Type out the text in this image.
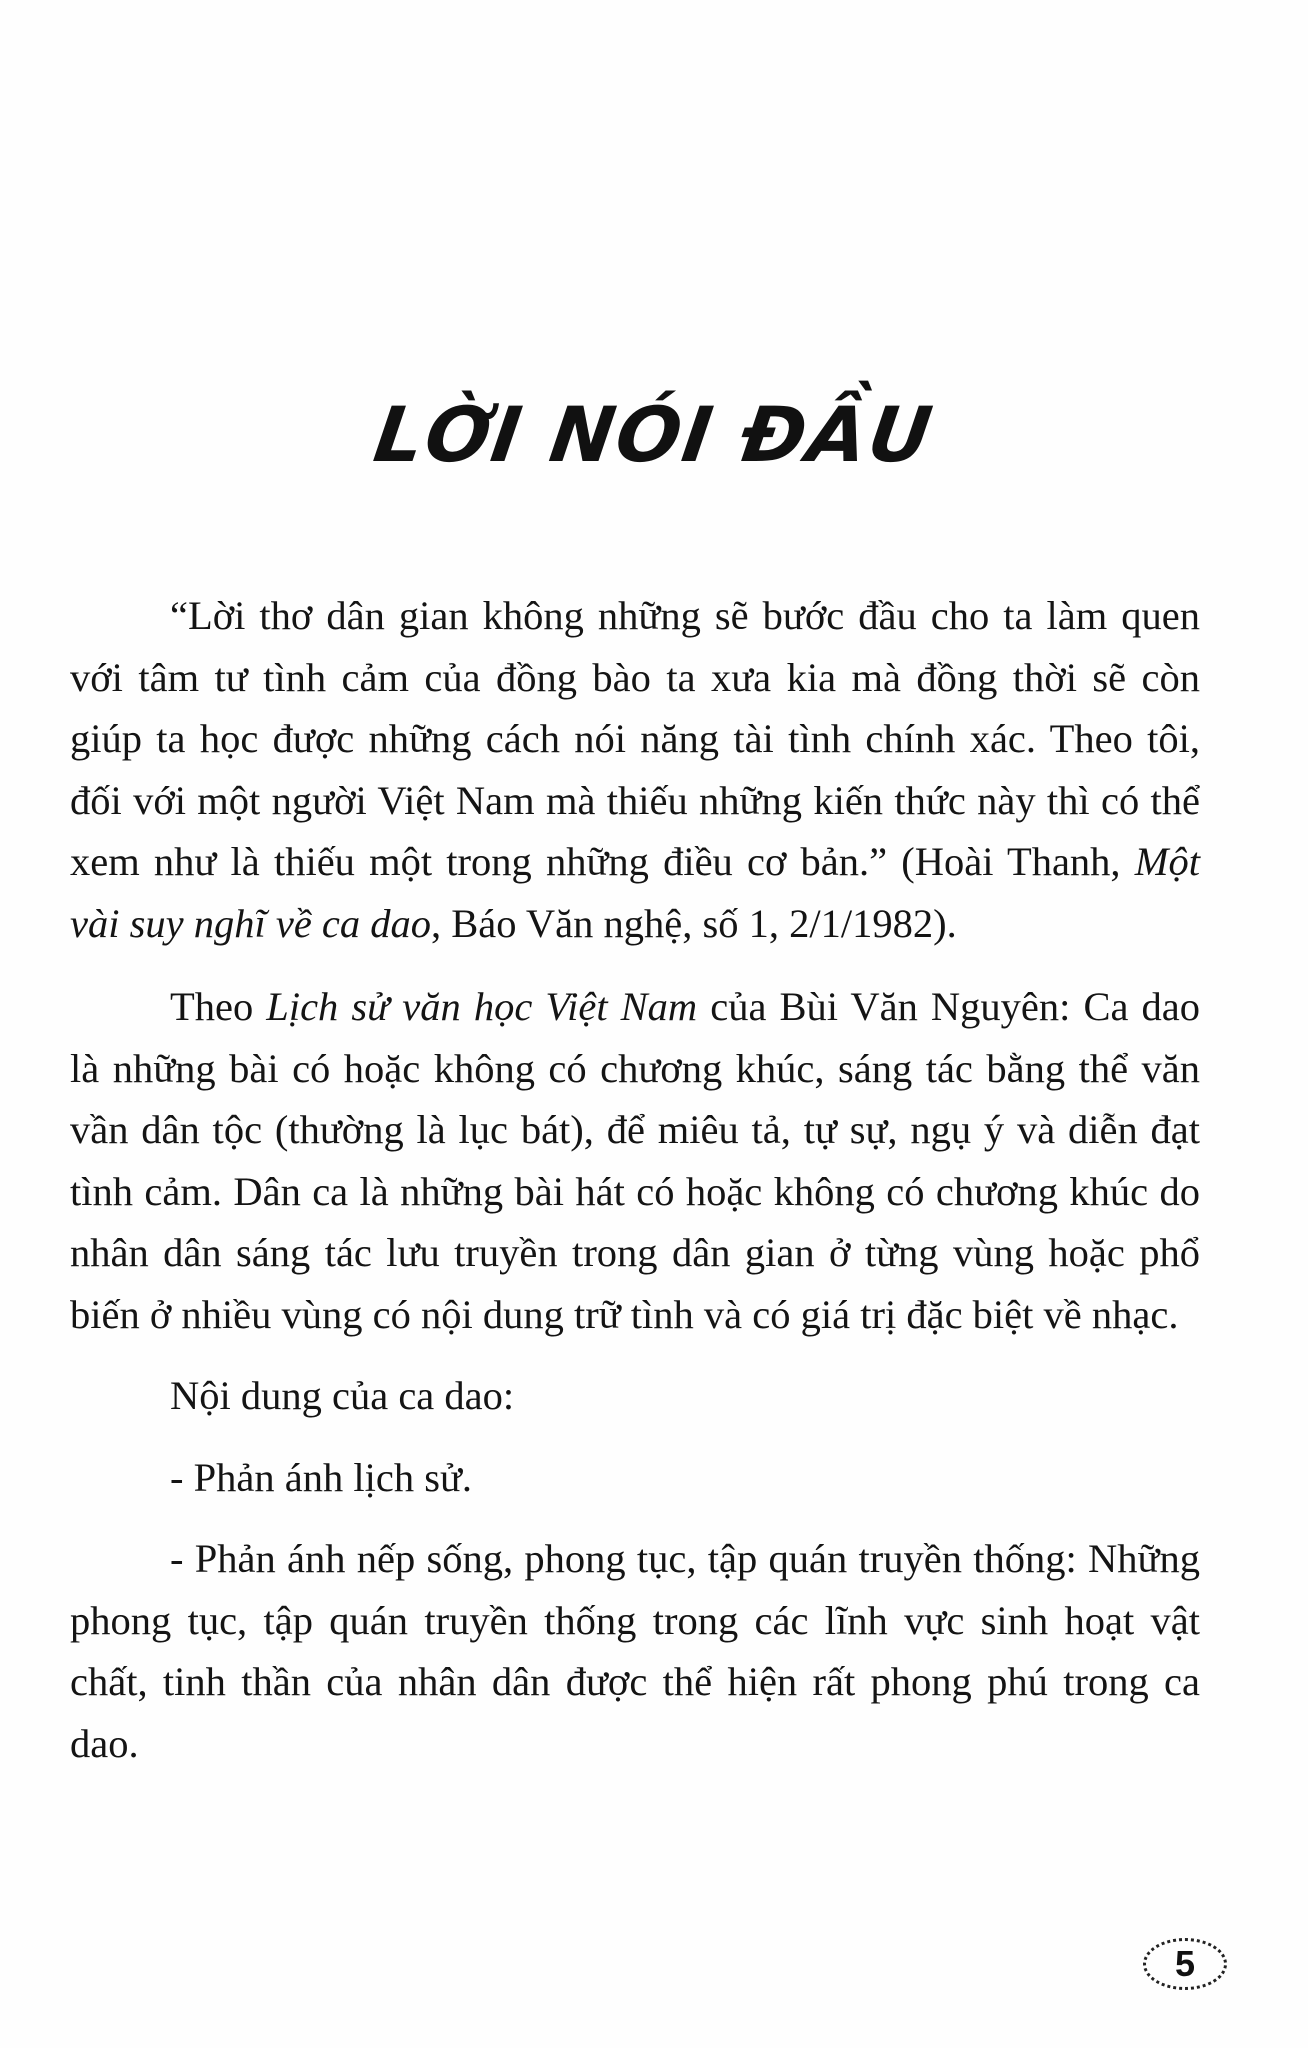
LỜI NÓI ĐẦU

“Lời thơ dân gian không những sẽ bước đầu cho ta làm quen với tâm tư tình cảm của đồng bào ta xưa kia mà đồng thời sẽ còn giúp ta học được những cách nói năng tài tình chính xác. Theo tôi, đối với một người Việt Nam mà thiếu những kiến thức này thì có thể xem như là thiếu một trong những điều cơ bản.” (Hoài Thanh, Một vài suy nghĩ về ca dao, Báo Văn nghệ, số 1, 2/1/1982).

Theo Lịch sử văn học Việt Nam của Bùi Văn Nguyên: Ca dao là những bài có hoặc không có chương khúc, sáng tác bằng thể văn vần dân tộc (thường là lục bát), để miêu tả, tự sự, ngụ ý và diễn đạt tình cảm. Dân ca là những bài hát có hoặc không có chương khúc do nhân dân sáng tác lưu truyền trong dân gian ở từng vùng hoặc phổ biến ở nhiều vùng có nội dung trữ tình và có giá trị đặc biệt về nhạc.

Nội dung của ca dao:

- Phản ánh lịch sử.

- Phản ánh nếp sống, phong tục, tập quán truyền thống: Những phong tục, tập quán truyền thống trong các lĩnh vực sinh hoạt vật chất, tinh thần của nhân dân được thể hiện rất phong phú trong ca dao.

5
